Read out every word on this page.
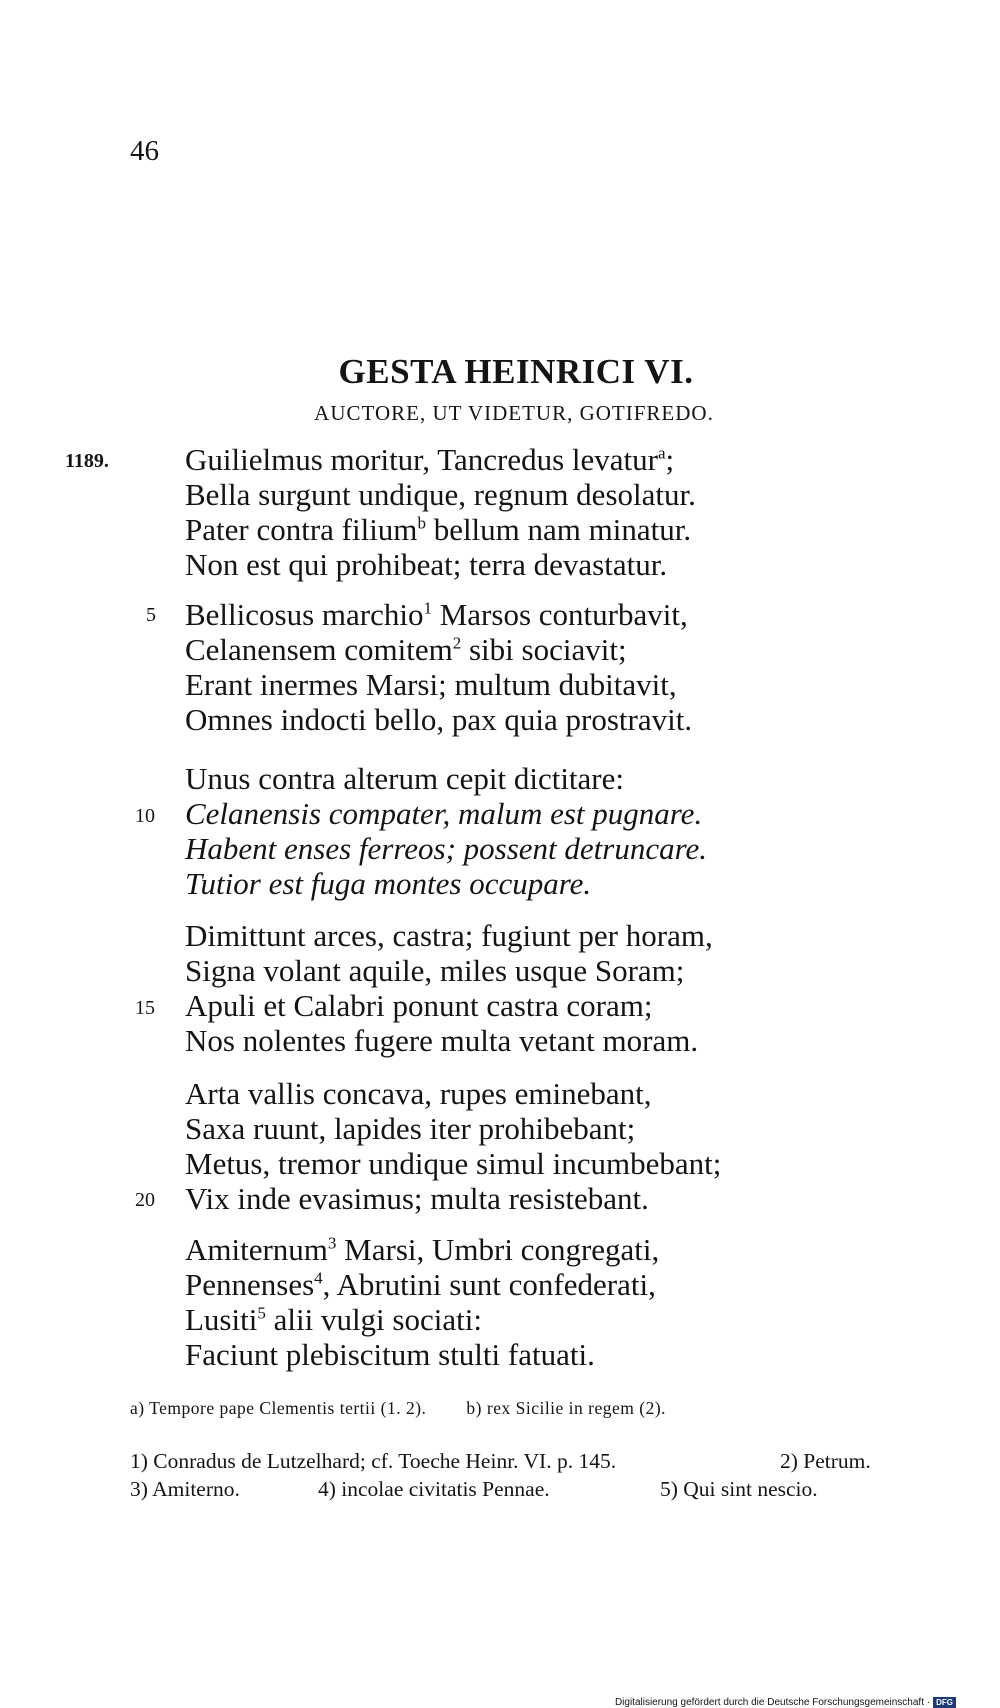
46
GESTA HEINRICI VI.
AUCTORE, UT VIDETUR, GOTIFREDO.
1189.
5
10
15
20
Guilielmus moritur, Tancredus levatur$^a$;
Bella surgunt undique, regnum desolatur.
Pater contra filium$^b$ bellum nam minatur.
Non est qui prohibeat; terra devastatur.
Bellicosus marchio$^1$ Marsos conturbavit,
Celanensem comitem$^2$ sibi sociavit;
Erant inermes Marsi; multum dubitavit,
Omnes indocti bello, pax quia prostravit.
Unus contra alterum cepit dictitare:
Celanensis compater, malum est pugnare.
Habent enses ferreos; possent detruncare.
Tutior est fuga montes occupare.
Dimittunt arces, castra; fugiunt per horam,
Signa volant aquile, miles usque Soram;
Apuli et Calabri ponunt castra coram;
Nos nolentes fugere multa vetant moram.
Arta vallis concava, rupes eminebant,
Saxa ruunt, lapides iter prohibebant;
Metus, tremor undique simul incumbebant;
Vix inde evasimus; multa resistebant.
Amiternum$^3$ Marsi, Umbri congregati,
Pennenses$^4$, Abrutini sunt confederati,
Lusiti$^5$ alii vulgi sociati:
Faciunt plebiscitum stulti fatuati.
a) Tempore pape Clementis tertii (1. 2). b) rex Sicilie in regem (2).
1) Conradus de Lutzelhard; cf. Toeche Heinr. VI. p. 145.	2) Petrum.
3) Amiterno.	4) incolae civitatis Pennae.	5) Qui sint nescio.
Digitalisierung gefördert durch die Deutsche Forschungsgemeinschaft · DFG
